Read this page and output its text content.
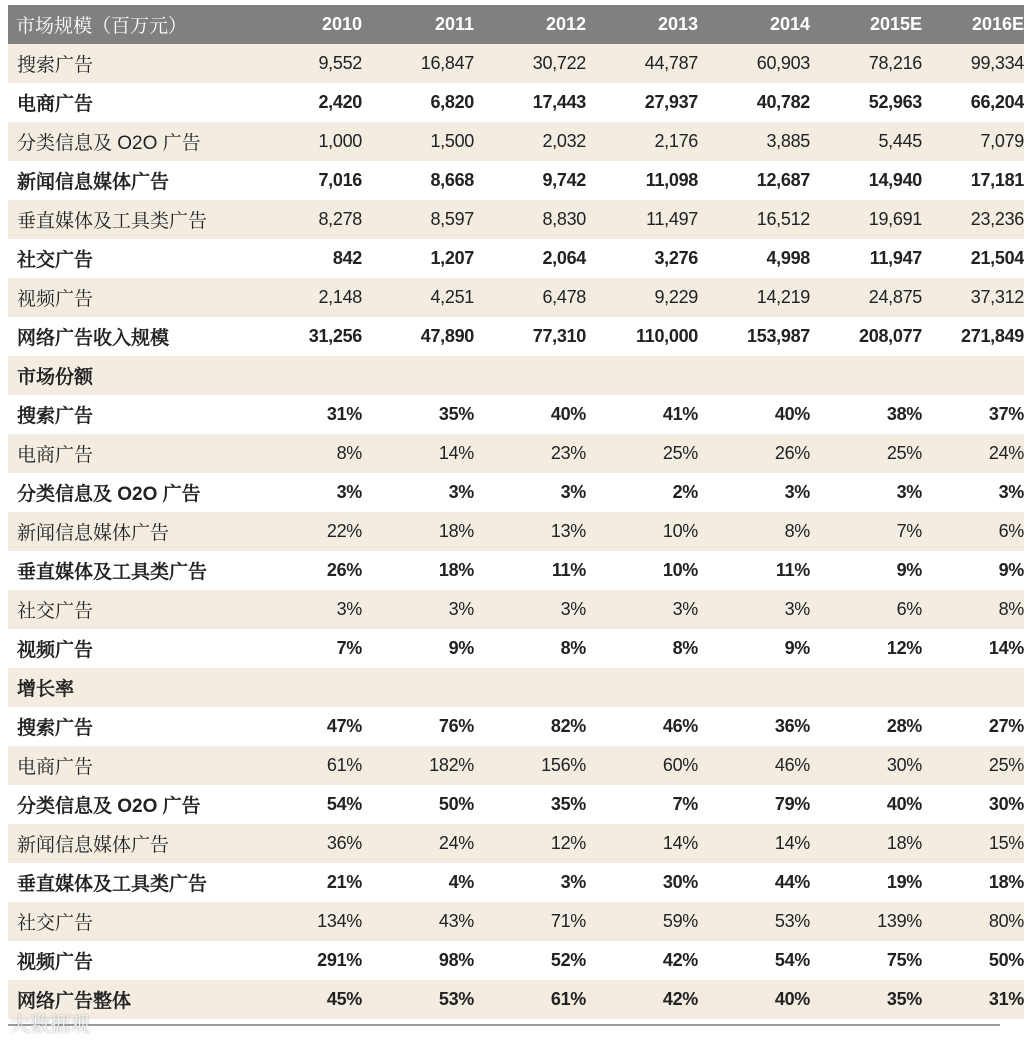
市场规模（百万元）	2010	2011	2012	2013	2014	2015E	2016E
搜索广告	9,552	16,847	30,722	44,787	60,903	78,216	99,334
电商广告	2,420	6,820	17,443	27,937	40,782	52,963	66,204
分类信息及 O2O 广告	1,000	1,500	2,032	2,176	3,885	5,445	7,079
新闻信息媒体广告	7,016	8,668	9,742	11,098	12,687	14,940	17,181
垂直媒体及工具类广告	8,278	8,597	8,830	11,497	16,512	19,691	23,236
社交广告	842	1,207	2,064	3,276	4,998	11,947	21,504
视频广告	2,148	4,251	6,478	9,229	14,219	24,875	37,312
网络广告收入规模	31,256	47,890	77,310	110,000	153,987	208,077	271,849
市场份额							
搜索广告	31%	35%	40%	41%	40%	38%	37%
电商广告	8%	14%	23%	25%	26%	25%	24%
分类信息及 O2O 广告	3%	3%	3%	2%	3%	3%	3%
新闻信息媒体广告	22%	18%	13%	10%	8%	7%	6%
垂直媒体及工具类广告	26%	18%	11%	10%	11%	9%	9%
社交广告	3%	3%	3%	3%	3%	6%	8%
视频广告	7%	9%	8%	8%	9%	12%	14%
增长率							
搜索广告	47%	76%	82%	46%	36%	28%	27%
电商广告	61%	182%	156%	60%	46%	30%	25%
分类信息及 O2O 广告	54%	50%	35%	7%	79%	40%	30%
新闻信息媒体广告	36%	24%	12%	14%	14%	18%	15%
垂直媒体及工具类广告	21%	4%	3%	30%	44%	19%	18%
社交广告	134%	43%	71%	59%	53%	139%	80%
视频广告	291%	98%	52%	42%	54%	75%	50%
网络广告整体	45%	53%	61%	42%	40%	35%	31%
大数据观
